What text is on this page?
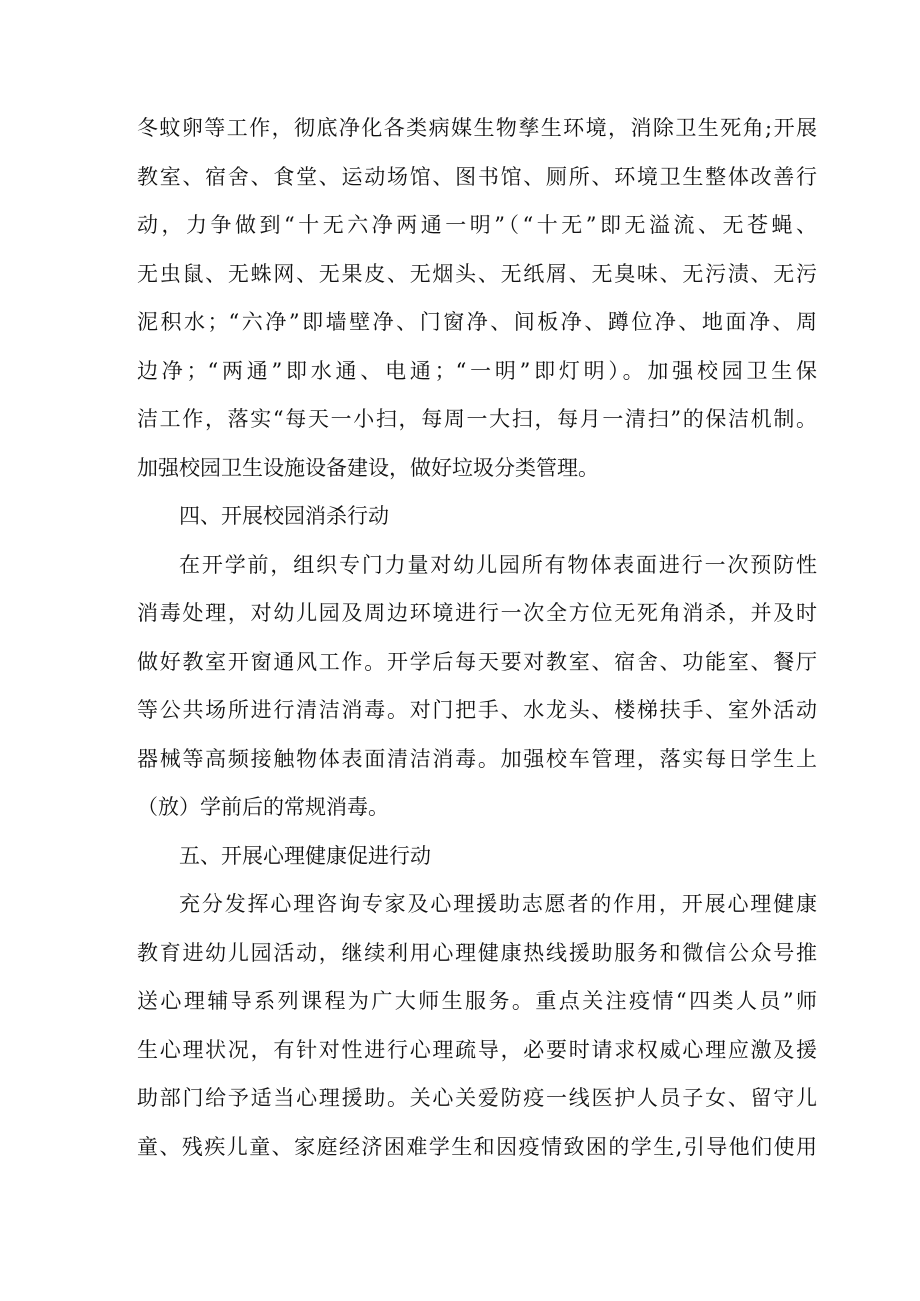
冬蚊卵等工作，彻底净化各类病媒生物孳生环境，消除卫生死角;开展
教室、宿舍、食堂、运动场馆、图书馆、厕所、环境卫生整体改善行
动，力争做到“十无六净两通一明”（“十无”即无溢流、无苍蝇、
无虫鼠、无蛛网、无果皮、无烟头、无纸屑、无臭味、无污渍、无污
泥积水；“六净”即墙壁净、门窗净、间板净、蹲位净、地面净、周
边净；“两通”即水通、电通；“一明”即灯明）。加强校园卫生保
洁工作，落实“每天一小扫，每周一大扫，每月一清扫”的保洁机制。
加强校园卫生设施设备建设，做好垃圾分类管理。
四、开展校园消杀行动
在开学前，组织专门力量对幼儿园所有物体表面进行一次预防性
消毒处理，对幼儿园及周边环境进行一次全方位无死角消杀，并及时
做好教室开窗通风工作。开学后每天要对教室、宿舍、功能室、餐厅
等公共场所进行清洁消毒。对门把手、水龙头、楼梯扶手、室外活动
器械等高频接触物体表面清洁消毒。加强校车管理，落实每日学生上
（放）学前后的常规消毒。
五、开展心理健康促进行动
充分发挥心理咨询专家及心理援助志愿者的作用，开展心理健康
教育进幼儿园活动，继续利用心理健康热线援助服务和微信公众号推
送心理辅导系列课程为广大师生服务。重点关注疫情“四类人员”师
生心理状况，有针对性进行心理疏导，必要时请求权威心理应激及援
助部门给予适当心理援助。关心关爱防疫一线医护人员子女、留守儿
童、残疾儿童、家庭经济困难学生和因疫情致困的学生,引导他们使用
